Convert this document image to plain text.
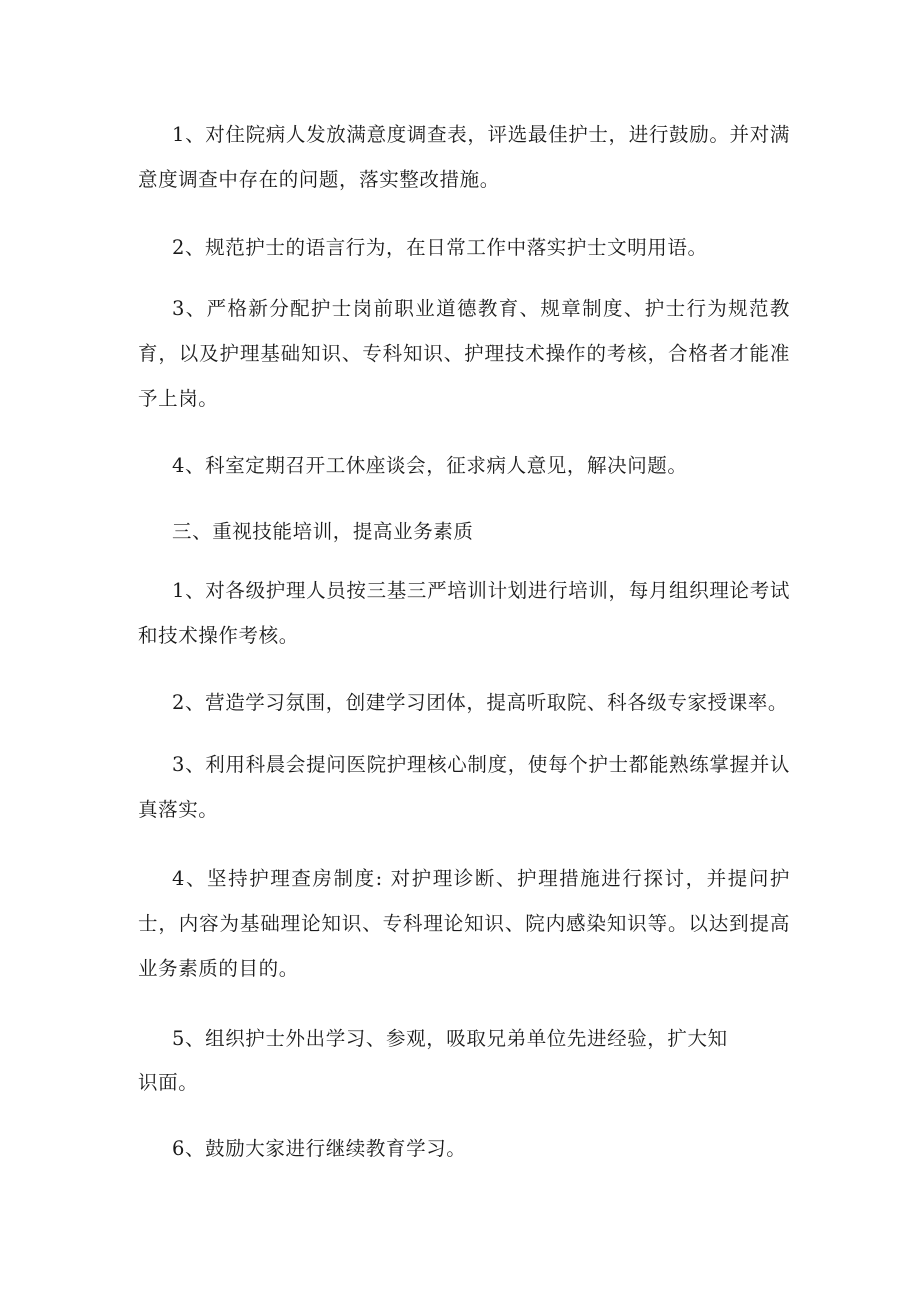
1、对住院病人发放满意度调查表，评选最佳护士，进行鼓励。并对满意度调查中存在的问题，落实整改措施。

2、规范护士的语言行为，在日常工作中落实护士文明用语。

3、严格新分配护士岗前职业道德教育、规章制度、护士行为规范教育，以及护理基础知识、专科知识、护理技术操作的考核，合格者才能准予上岗。

4、科室定期召开工休座谈会，征求病人意见，解决问题。

三、重视技能培训，提高业务素质

1、对各级护理人员按三基三严培训计划进行培训，每月组织理论考试和技术操作考核。

2、营造学习氛围，创建学习团体，提高听取院、科各级专家授课率。

3、利用科晨会提问医院护理核心制度，使每个护士都能熟练掌握并认真落实。

4、坚持护理查房制度: 对护理诊断、护理措施进行探讨，并提问护士，内容为基础理论知识、专科理论知识、院内感染知识等。以达到提高业务素质的目的。

5、组织护士外出学习、参观，吸取兄弟单位先进经验，扩大知

识面。

6、鼓励大家进行继续教育学习。
